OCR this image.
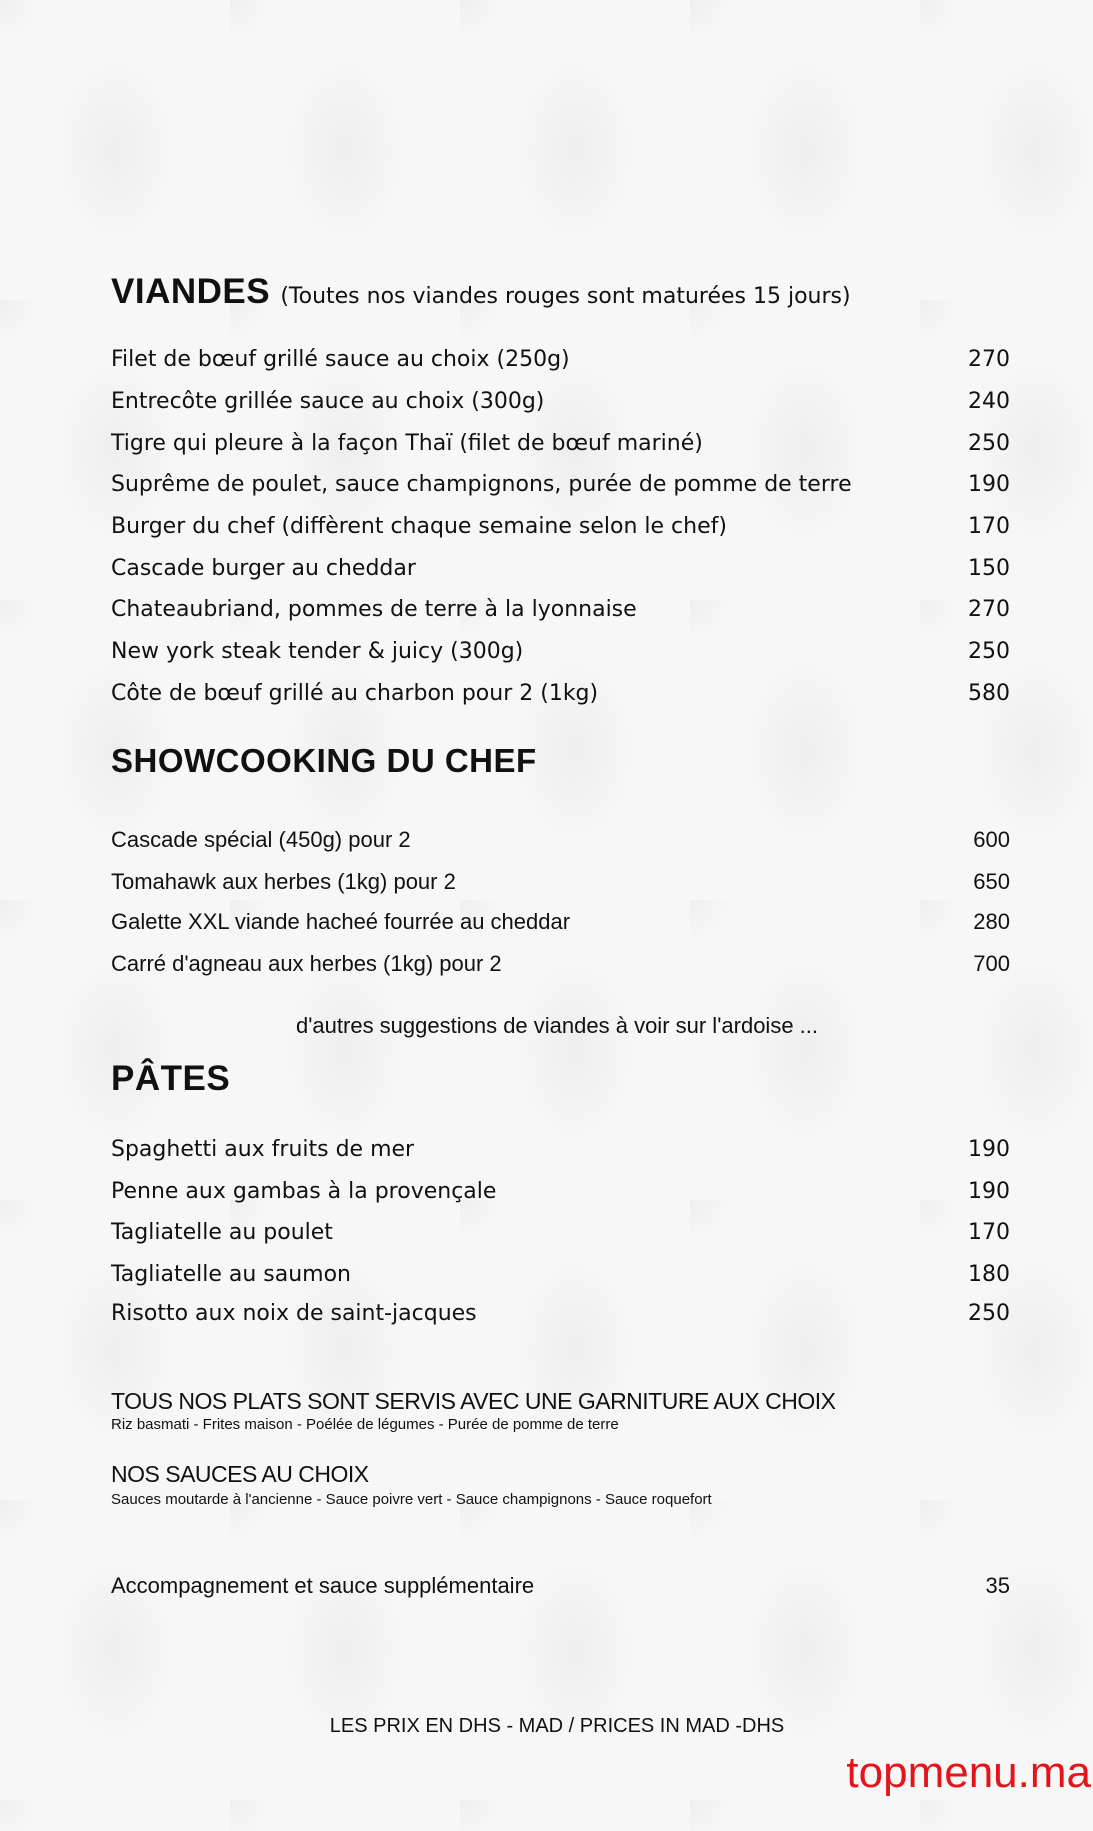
VIANDES (Toutes nos viandes rouges sont maturées 15 jours)
Filet de bœuf grillé sauce au choix (250g)	270
Entrecôte grillée sauce au choix (300g)	240
Tigre qui pleure à la façon Thaï (filet de bœuf mariné)	250
Suprême de poulet, sauce champignons, purée de pomme de terre	190
Burger du chef (diffèrent chaque semaine selon le chef)	170
Cascade burger au cheddar	150
Chateaubriand, pommes de terre à la lyonnaise	270
New york steak tender & juicy (300g)	250
Côte de bœuf grillé au charbon pour 2 (1kg)	580
SHOWCOOKING DU CHEF
Cascade spécial (450g) pour 2	600
Tomahawk aux herbes (1kg) pour 2	650
Galette XXL viande hacheé fourrée au cheddar	280
Carré d'agneau aux herbes (1kg) pour 2	700
d'autres suggestions de viandes à voir sur l'ardoise ...
PÂTES
Spaghetti aux fruits de mer	190
Penne aux gambas à la provençale	190
Tagliatelle au poulet	170
Tagliatelle au saumon	180
Risotto aux noix de saint-jacques	250
TOUS NOS PLATS SONT SERVIS AVEC UNE GARNITURE AUX CHOIX
Riz basmati - Frites maison - Poélée de légumes - Purée de pomme de terre
NOS SAUCES AU CHOIX
Sauces moutarde à l'ancienne - Sauce poivre vert - Sauce champignons - Sauce roquefort
Accompagnement et sauce supplémentaire	35
LES PRIX EN DHS - MAD / PRICES IN MAD -DHS
topmenu.ma
